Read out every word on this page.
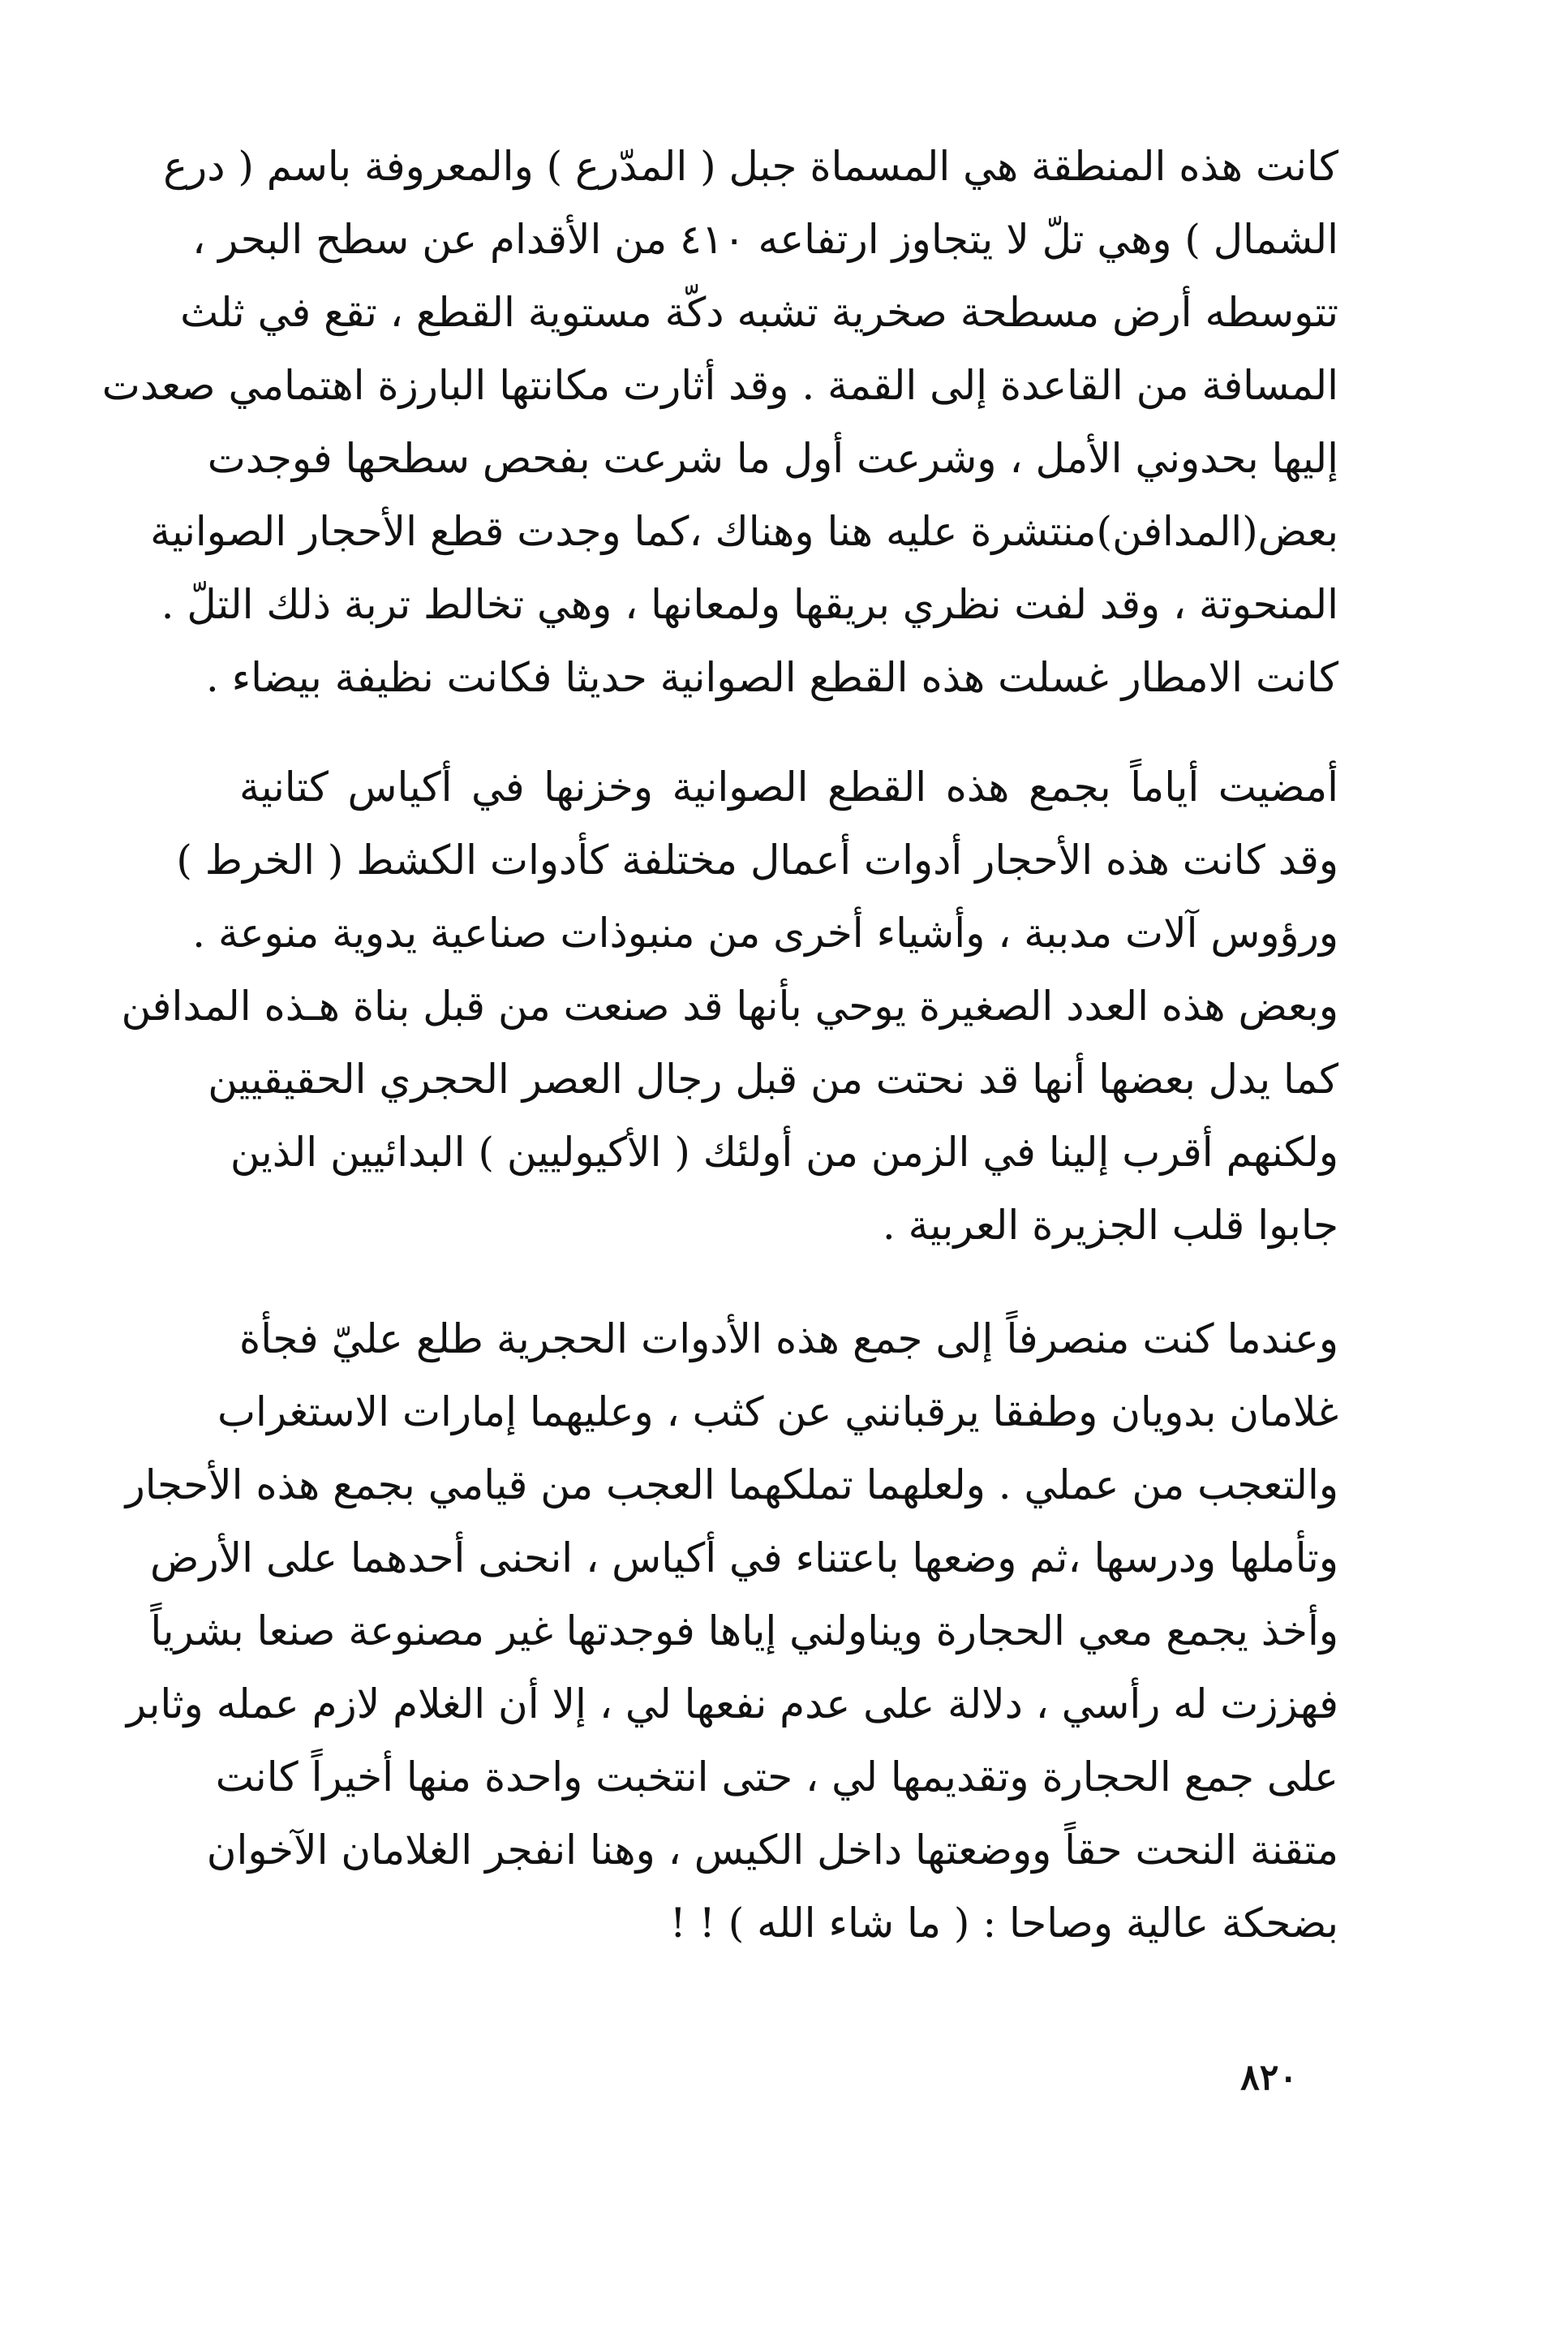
كانت هذه المنطقة هي المسماة جبل ( المدّرع ) والمعروفة باسم ( درع
الشمال ) وهي تلّ لا يتجاوز ارتفاعه ٤١٠ من الأقدام عن سطح البحر ،
تتوسطه أرض مسطحة صخرية تشبه دكّة مستوية القطع ، تقع في ثلث
المسافة من القاعدة إلى القمة . وقد أثارت مكانتها البارزة اهتمامي صعدت
إليها بحدوني الأمل ، وشرعت أول ما شرعت بفحص سطحها فوجدت
بعض(المدافن)منتشرة عليه هنا وهناك ،كما وجدت قطع الأحجار الصوانية
المنحوتة ، وقد لفت نظري بريقها ولمعانها ، وهي تخالط تربة ذلك التلّ .
كانت الامطار غسلت هذه القطع الصوانية حديثا فكانت نظيفة بيضاء .
أمضيت أياماً بجمع هذه القطع الصوانية وخزنها في أكياس كتانية
وقد كانت هذه الأحجار أدوات أعمال مختلفة كأدوات الكشط ( الخرط )
ورؤوس آلات مدببة ، وأشياء أخرى من منبوذات صناعية يدوية منوعة .
وبعض هذه العدد الصغيرة يوحي بأنها قد صنعت من قبل بناة هـذه المدافن
كما يدل بعضها أنها قد نحتت من قبل رجال العصر الحجري الحقيقيين
ولكنهم أقرب إلينا في الزمن من أولئك ( الأكيوليين ) البدائيين الذين
جابوا قلب الجزيرة العربية .
وعندما كنت منصرفاً إلى جمع هذه الأدوات الحجرية طلع عليّ فجأة
غلامان بدويان وطفقا يرقبانني عن كثب ، وعليهما إمارات الاستغراب
والتعجب من عملي . ولعلهما تملكهما العجب من قيامي بجمع هذه الأحجار
وتأملها ودرسها ،ثم وضعها باعتناء في أكياس ، انحنى أحدهما على الأرض
وأخذ يجمع معي الحجارة ويناولني إياها فوجدتها غير مصنوعة صنعا بشرياً
فهززت له رأسي ، دلالة على عدم نفعها لي ، إلا أن الغلام لازم عمله وثابر
على جمع الحجارة وتقديمها لي ، حتى انتخبت واحدة منها أخيراً كانت
متقنة النحت حقاً ووضعتها داخل الكيس ، وهنا انفجر الغلامان الآخوان
بضحكة عالية وصاحا : ( ما شاء الله ) ! !
٨٢٠
